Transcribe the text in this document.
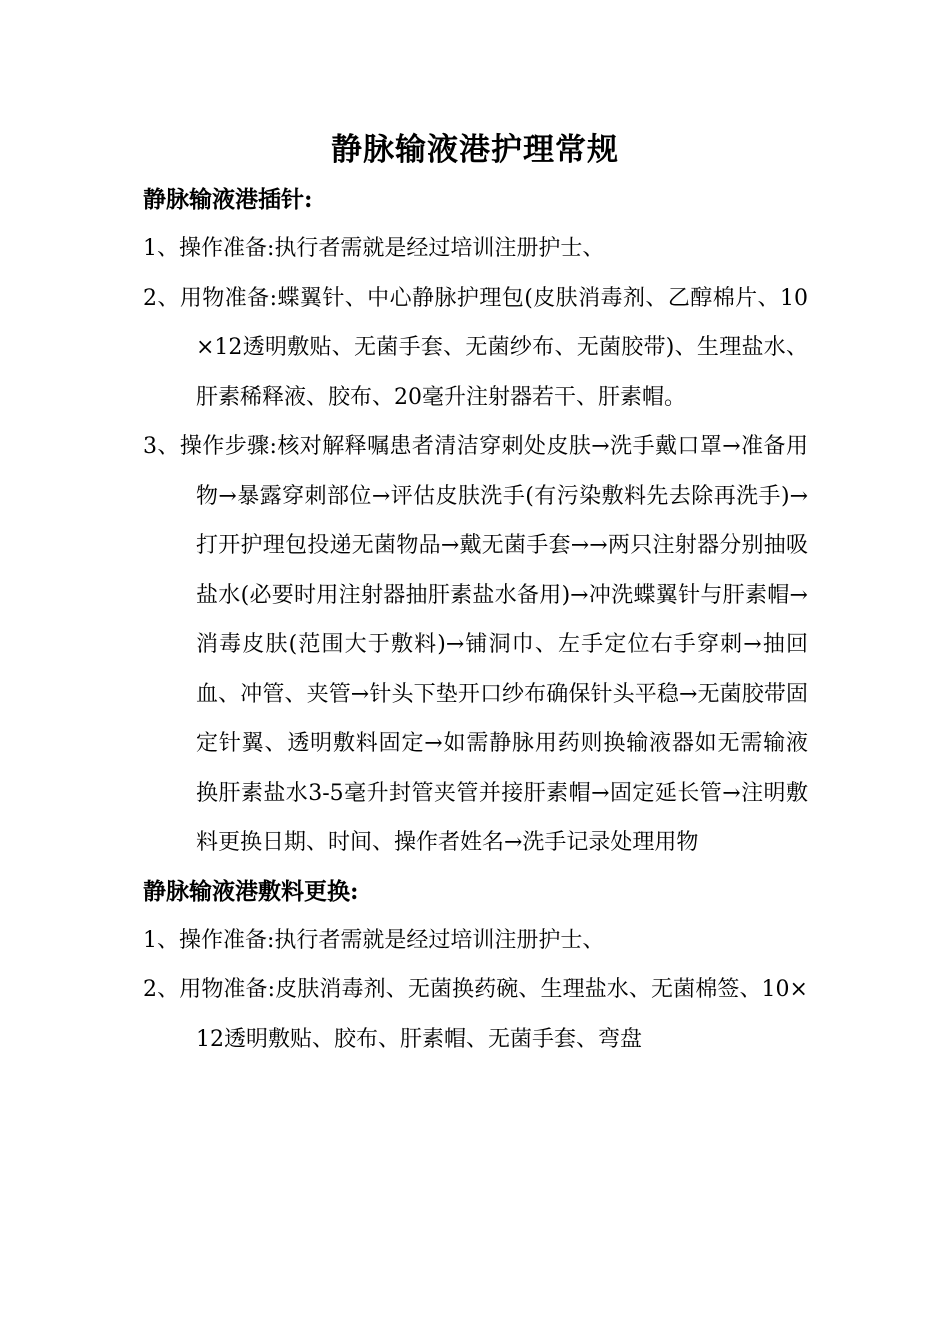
静脉输液港护理常规

静脉输液港插针:

1、操作准备:执行者需就是经过培训注册护士、

2、用物准备:蝶翼针、中心静脉护理包(皮肤消毒剂、乙醇棉片、10×12透明敷贴、无菌手套、无菌纱布、无菌胶带)、生理盐水、肝素稀释液、胶布、20毫升注射器若干、肝素帽。

3、操作步骤:核对解释嘱患者清洁穿刺处皮肤→洗手戴口罩→准备用物→暴露穿刺部位→评估皮肤洗手(有污染敷料先去除再洗手)→打开护理包投递无菌物品→戴无菌手套→→两只注射器分别抽吸盐水(必要时用注射器抽肝素盐水备用)→冲洗蝶翼针与肝素帽→消毒皮肤(范围大于敷料)→铺洞巾、左手定位右手穿刺→抽回血、冲管、夹管→针头下垫开口纱布确保针头平稳→无菌胶带固定针翼、透明敷料固定→如需静脉用药则换输液器如无需输液换肝素盐水3-5毫升封管夹管并接肝素帽→固定延长管→注明敷料更换日期、时间、操作者姓名→洗手记录处理用物

静脉输液港敷料更换:

1、操作准备:执行者需就是经过培训注册护士、

2、用物准备:皮肤消毒剂、无菌换药碗、生理盐水、无菌棉签、10×12透明敷贴、胶布、肝素帽、无菌手套、弯盘
